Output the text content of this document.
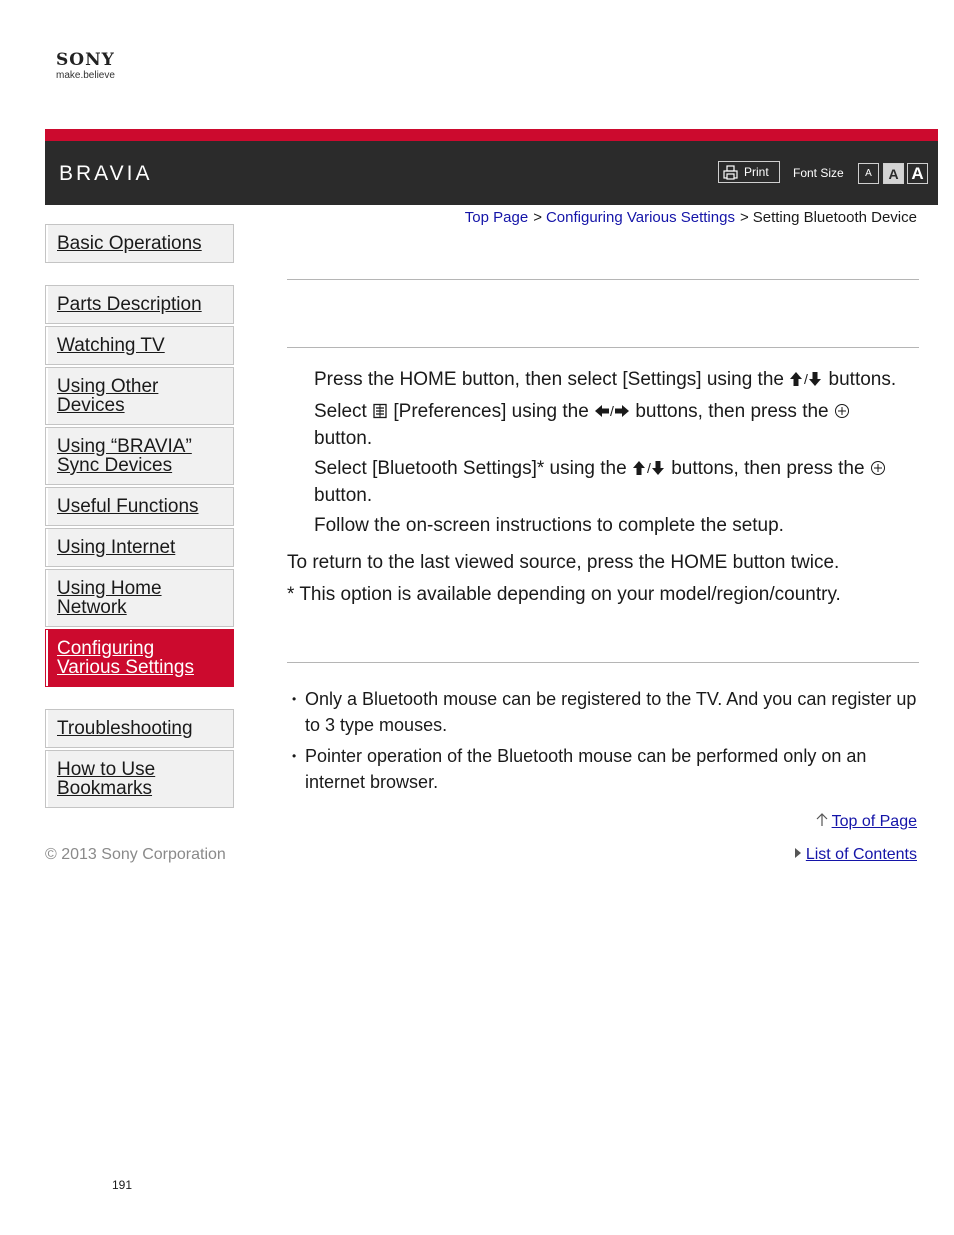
SONY
make.believe
BRAVIA	Print Font Size	A	A A
Top Page > Configuring Various Settings > Setting Bluetooth Device
Basic Operations
Parts Description
Watching TV
Using Other Devices
Using “BRAVIA” Sync Devices
Useful Functions
Using Internet
Using Home Network
Configuring Various Settings
Troubleshooting
How to Use Bookmarks
Press the HOME button, then select [Settings] using the / buttons.
Select [Preferences] using the / buttons, then press the
button.
Select [Bluetooth Settings]* using the / buttons, then press the
button.
Follow the on-screen instructions to complete the setup.
To return to the last viewed source, press the HOME button twice.
* This option is available depending on your model/region/country.
• Only a Bluetooth mouse can be registered to the TV. And you can register up to 3 type mouses.
• Pointer operation of the Bluetooth mouse can be performed only on an internet browser.
Top of Page
© 2013 Sony Corporation	List of Contents
191
